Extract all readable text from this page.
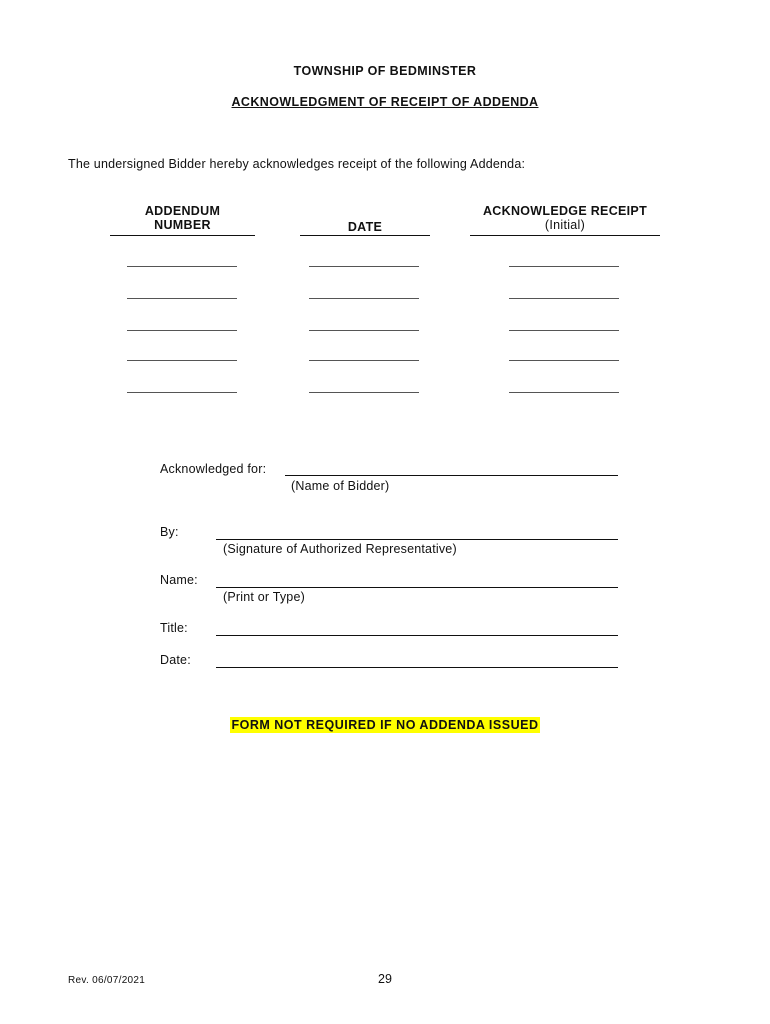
TOWNSHIP OF BEDMINSTER
ACKNOWLEDGMENT OF RECEIPT OF ADDENDA
The undersigned Bidder hereby acknowledges receipt of the following Addenda:
ADDENDUM
NUMBER	DATE
ACKNOWLEDGE RECEIPT
(Initial)
Acknowledged for:
(Name of Bidder)
By:
(Signature of Authorized Representative)
Name:
(Print or Type)
Title:
Date:
FORM NOT REQUIRED IF NO ADDENDA ISSUED
Rev. 06/07/2021	29
